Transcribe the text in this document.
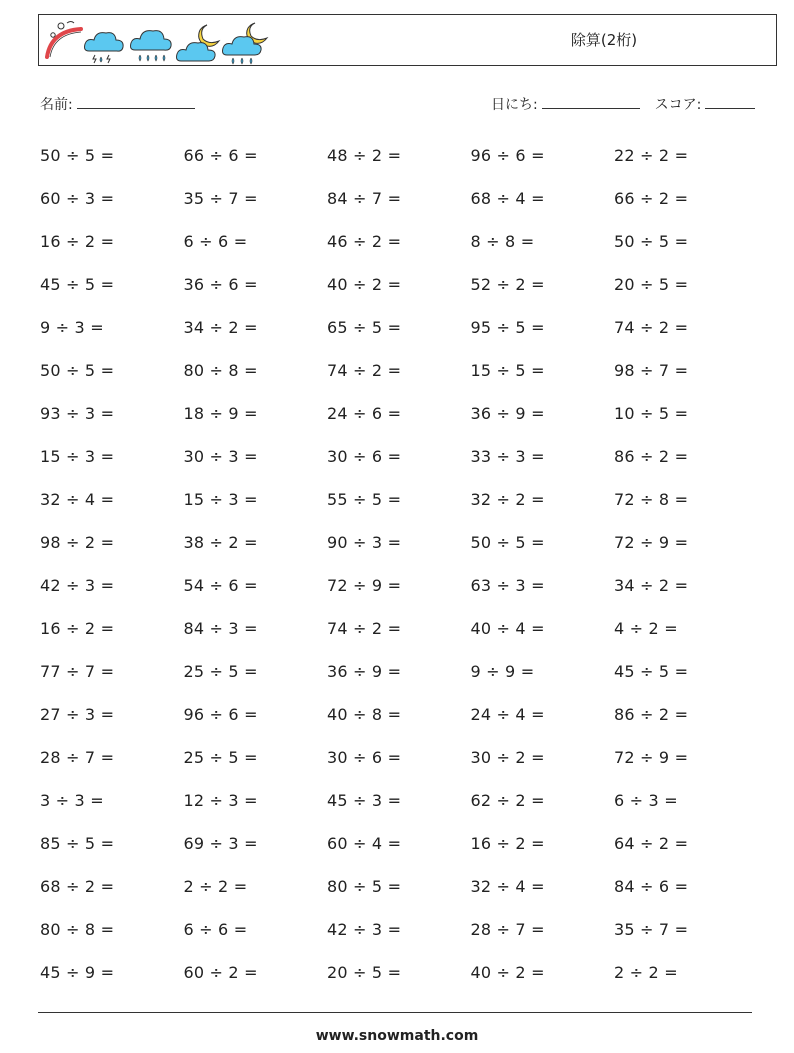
除算(2桁)
名前:	日にち:	スコア:
50 ÷ 5 =	66 ÷ 6 =	48 ÷ 2 =	96 ÷ 6 =	22 ÷ 2 =
60 ÷ 3 =	35 ÷ 7 =	84 ÷ 7 =	68 ÷ 4 =	66 ÷ 2 =
16 ÷ 2 =	6 ÷ 6 =	46 ÷ 2 =	8 ÷ 8 =	50 ÷ 5 =
45 ÷ 5 =	36 ÷ 6 =	40 ÷ 2 =	52 ÷ 2 =	20 ÷ 5 =
9 ÷ 3 =	34 ÷ 2 =	65 ÷ 5 =	95 ÷ 5 =	74 ÷ 2 =
50 ÷ 5 =	80 ÷ 8 =	74 ÷ 2 =	15 ÷ 5 =	98 ÷ 7 =
93 ÷ 3 =	18 ÷ 9 =	24 ÷ 6 =	36 ÷ 9 =	10 ÷ 5 =
15 ÷ 3 =	30 ÷ 3 =	30 ÷ 6 =	33 ÷ 3 =	86 ÷ 2 =
32 ÷ 4 =	15 ÷ 3 =	55 ÷ 5 =	32 ÷ 2 =	72 ÷ 8 =
98 ÷ 2 =	38 ÷ 2 =	90 ÷ 3 =	50 ÷ 5 =	72 ÷ 9 =
42 ÷ 3 =	54 ÷ 6 =	72 ÷ 9 =	63 ÷ 3 =	34 ÷ 2 =
16 ÷ 2 =	84 ÷ 3 =	74 ÷ 2 =	40 ÷ 4 =	4 ÷ 2 =
77 ÷ 7 =	25 ÷ 5 =	36 ÷ 9 =	9 ÷ 9 =	45 ÷ 5 =
27 ÷ 3 =	96 ÷ 6 =	40 ÷ 8 =	24 ÷ 4 =	86 ÷ 2 =
28 ÷ 7 =	25 ÷ 5 =	30 ÷ 6 =	30 ÷ 2 =	72 ÷ 9 =
3 ÷ 3 =	12 ÷ 3 =	45 ÷ 3 =	62 ÷ 2 =	6 ÷ 3 =
85 ÷ 5 =	69 ÷ 3 =	60 ÷ 4 =	16 ÷ 2 =	64 ÷ 2 =
68 ÷ 2 =	2 ÷ 2 =	80 ÷ 5 =	32 ÷ 4 =	84 ÷ 6 =
80 ÷ 8 =	6 ÷ 6 =	42 ÷ 3 =	28 ÷ 7 =	35 ÷ 7 =
45 ÷ 9 =	60 ÷ 2 =	20 ÷ 5 =	40 ÷ 2 =	2 ÷ 2 =
www.snowmath.com
